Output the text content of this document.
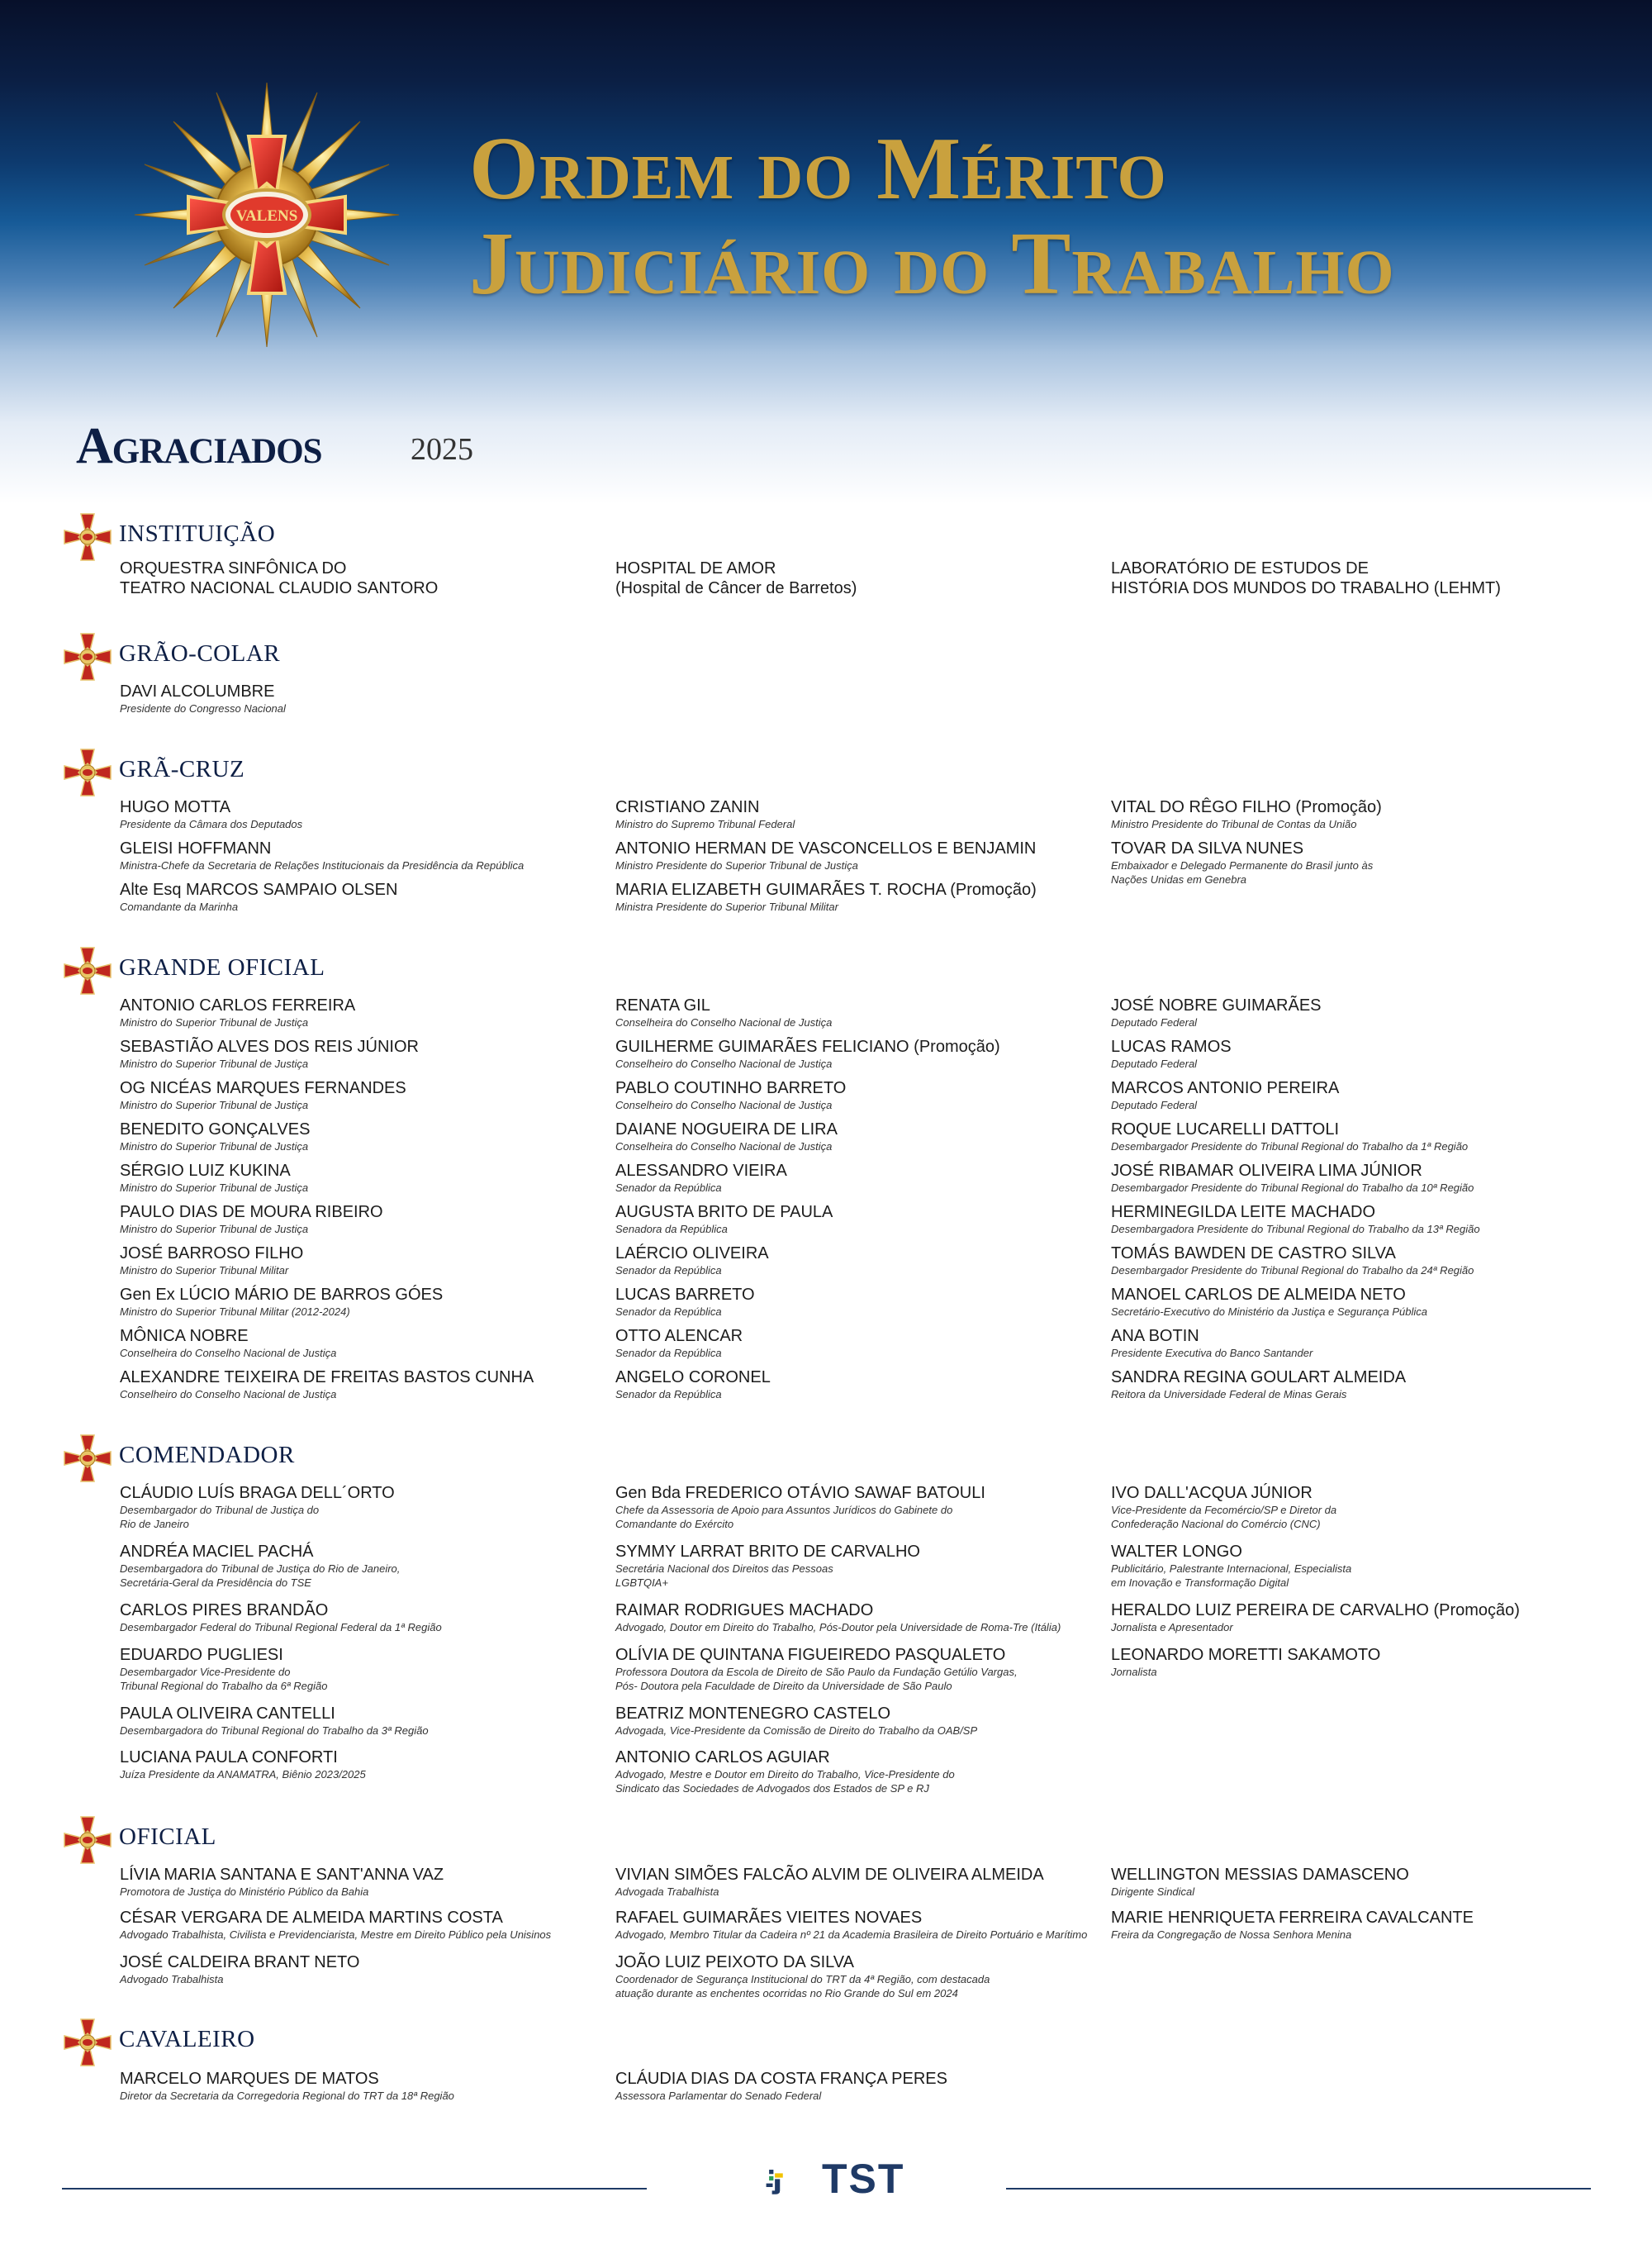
VALENS Ordem do Mérito
Judiciário do Trabalho
Agraciados	2025
INSTITUIÇÃO
ORQUESTRA SINFÔNICA DO
TEATRO NACIONAL CLAUDIO SANTORO
HOSPITAL DE AMOR
(Hospital de Câncer de Barretos)
LABORATÓRIO DE ESTUDOS DE
HISTÓRIA DOS MUNDOS DO TRABALHO (LEHMT)
GRÃO-COLAR
DAVI ALCOLUMBRE
Presidente do Congresso Nacional
GRÃ-CRUZ
HUGO MOTTA
Presidente da Câmara dos Deputados
GLEISI HOFFMANN
Ministra-Chefe da Secretaria de Relações Institucionais da Presidência da República
Alte Esq MARCOS SAMPAIO OLSEN
Comandante da Marinha
CRISTIANO ZANIN
Ministro do Supremo Tribunal Federal
ANTONIO HERMAN DE VASCONCELLOS E BENJAMIN
Ministro Presidente do Superior Tribunal de Justiça
MARIA ELIZABETH GUIMARÃES T. ROCHA (Promoção)
Ministra Presidente do Superior Tribunal Militar
VITAL DO RÊGO FILHO (Promoção)
Ministro Presidente do Tribunal de Contas da União
TOVAR DA SILVA NUNES
Embaixador e Delegado Permanente do Brasil junto às
Nações Unidas em Genebra
GRANDE OFICIAL
ANTONIO CARLOS FERREIRA
Ministro do Superior Tribunal de Justiça
SEBASTIÃO ALVES DOS REIS JÚNIOR
Ministro do Superior Tribunal de Justiça
OG NICÉAS MARQUES FERNANDES
Ministro do Superior Tribunal de Justiça
BENEDITO GONÇALVES
Ministro do Superior Tribunal de Justiça
SÉRGIO LUIZ KUKINA
Ministro do Superior Tribunal de Justiça
PAULO DIAS DE MOURA RIBEIRO
Ministro do Superior Tribunal de Justiça
JOSÉ BARROSO FILHO
Ministro do Superior Tribunal Militar
Gen Ex LÚCIO MÁRIO DE BARROS GÓES
Ministro do Superior Tribunal Militar (2012-2024)
MÔNICA NOBRE
Conselheira do Conselho Nacional de Justiça
ALEXANDRE TEIXEIRA DE FREITAS BASTOS CUNHA
Conselheiro do Conselho Nacional de Justiça
RENATA GIL
Conselheira do Conselho Nacional de Justiça
GUILHERME GUIMARÃES FELICIANO (Promoção)
Conselheiro do Conselho Nacional de Justiça
PABLO COUTINHO BARRETO
Conselheiro do Conselho Nacional de Justiça
DAIANE NOGUEIRA DE LIRA
Conselheira do Conselho Nacional de Justiça
ALESSANDRO VIEIRA
Senador da República
AUGUSTA BRITO DE PAULA
Senadora da República
LAÉRCIO OLIVEIRA
Senador da República
LUCAS BARRETO
Senador da República
OTTO ALENCAR
Senador da República
ANGELO CORONEL
Senador da República
JOSÉ NOBRE GUIMARÃES
Deputado Federal
LUCAS RAMOS
Deputado Federal
MARCOS ANTONIO PEREIRA
Deputado Federal
ROQUE LUCARELLI DATTOLI
Desembargador Presidente do Tribunal Regional do Trabalho da 1ª Região
JOSÉ RIBAMAR OLIVEIRA LIMA JÚNIOR
Desembargador Presidente do Tribunal Regional do Trabalho da 10ª Região
HERMINEGILDA LEITE MACHADO
Desembargadora Presidente do Tribunal Regional do Trabalho da 13ª Região
TOMÁS BAWDEN DE CASTRO SILVA
Desembargador Presidente do Tribunal Regional do Trabalho da 24ª Região
MANOEL CARLOS DE ALMEIDA NETO
Secretário-Executivo do Ministério da Justiça e Segurança Pública
ANA BOTIN
Presidente Executiva do Banco Santander
SANDRA REGINA GOULART ALMEIDA
Reitora da Universidade Federal de Minas Gerais
COMENDADOR
CLÁUDIO LUÍS BRAGA DELL´ORTO
Desembargador do Tribunal de Justiça do
Rio de Janeiro
ANDRÉA MACIEL PACHÁ
Desembargadora do Tribunal de Justiça do Rio de Janeiro,
Secretária-Geral da Presidência do TSE
CARLOS PIRES BRANDÃO
Desembargador Federal do Tribunal Regional Federal da 1ª Região
EDUARDO PUGLIESI
Desembargador Vice-Presidente do
Tribunal Regional do Trabalho da 6ª Região
PAULA OLIVEIRA CANTELLI
Desembargadora do Tribunal Regional do Trabalho da 3ª Região
LUCIANA PAULA CONFORTI
Juíza Presidente da ANAMATRA, Biênio 2023/2025
Gen Bda FREDERICO OTÁVIO SAWAF BATOULI
Chefe da Assessoria de Apoio para Assuntos Jurídicos do Gabinete do
Comandante do Exército
SYMMY LARRAT BRITO DE CARVALHO
Secretária Nacional dos Direitos das Pessoas
LGBTQIA+
RAIMAR RODRIGUES MACHADO
Advogado, Doutor em Direito do Trabalho, Pós-Doutor pela Universidade de Roma-Tre (Itália)
OLÍVIA DE QUINTANA FIGUEIREDO PASQUALETO
Professora Doutora da Escola de Direito de São Paulo da Fundação Getúlio Vargas,
Pós- Doutora pela Faculdade de Direito da Universidade de São Paulo
BEATRIZ MONTENEGRO CASTELO
Advogada, Vice-Presidente da Comissão de Direito do Trabalho da OAB/SP
ANTONIO CARLOS AGUIAR
Advogado, Mestre e Doutor em Direito do Trabalho, Vice-Presidente do
Sindicato das Sociedades de Advogados dos Estados de SP e RJ
IVO DALL'ACQUA JÚNIOR
Vice-Presidente da Fecomércio/SP e Diretor da
Confederação Nacional do Comércio (CNC)
WALTER LONGO
Publicitário, Palestrante Internacional, Especialista
em Inovação e Transformação Digital
HERALDO LUIZ PEREIRA DE CARVALHO (Promoção)
Jornalista e Apresentador
LEONARDO MORETTI SAKAMOTO
Jornalista
OFICIAL
LÍVIA MARIA SANTANA E SANT'ANNA VAZ
Promotora de Justiça do Ministério Público da Bahia
CÉSAR VERGARA DE ALMEIDA MARTINS COSTA
Advogado Trabalhista, Civilista e Previdenciarista, Mestre em Direito Público pela Unisinos
JOSÉ CALDEIRA BRANT NETO
Advogado Trabalhista
VIVIAN SIMÕES FALCÃO ALVIM DE OLIVEIRA ALMEIDA
Advogada Trabalhista
RAFAEL GUIMARÃES VIEITES NOVAES
Advogado, Membro Titular da Cadeira nº 21 da Academia Brasileira de Direito Portuário e Marítimo
JOÃO LUIZ PEIXOTO DA SILVA
Coordenador de Segurança Institucional do TRT da 4ª Região, com destacada
atuação durante as enchentes ocorridas no Rio Grande do Sul em 2024
WELLINGTON MESSIAS DAMASCENO
Dirigente Sindical
MARIE HENRIQUETA FERREIRA CAVALCANTE
Freira da Congregação de Nossa Senhora Menina
CAVALEIRO
MARCELO MARQUES DE MATOS
Diretor da Secretaria da Corregedoria Regional do TRT da 18ª Região
CLÁUDIA DIAS DA COSTA FRANÇA PERES
Assessora Parlamentar do Senado Federal
TST
